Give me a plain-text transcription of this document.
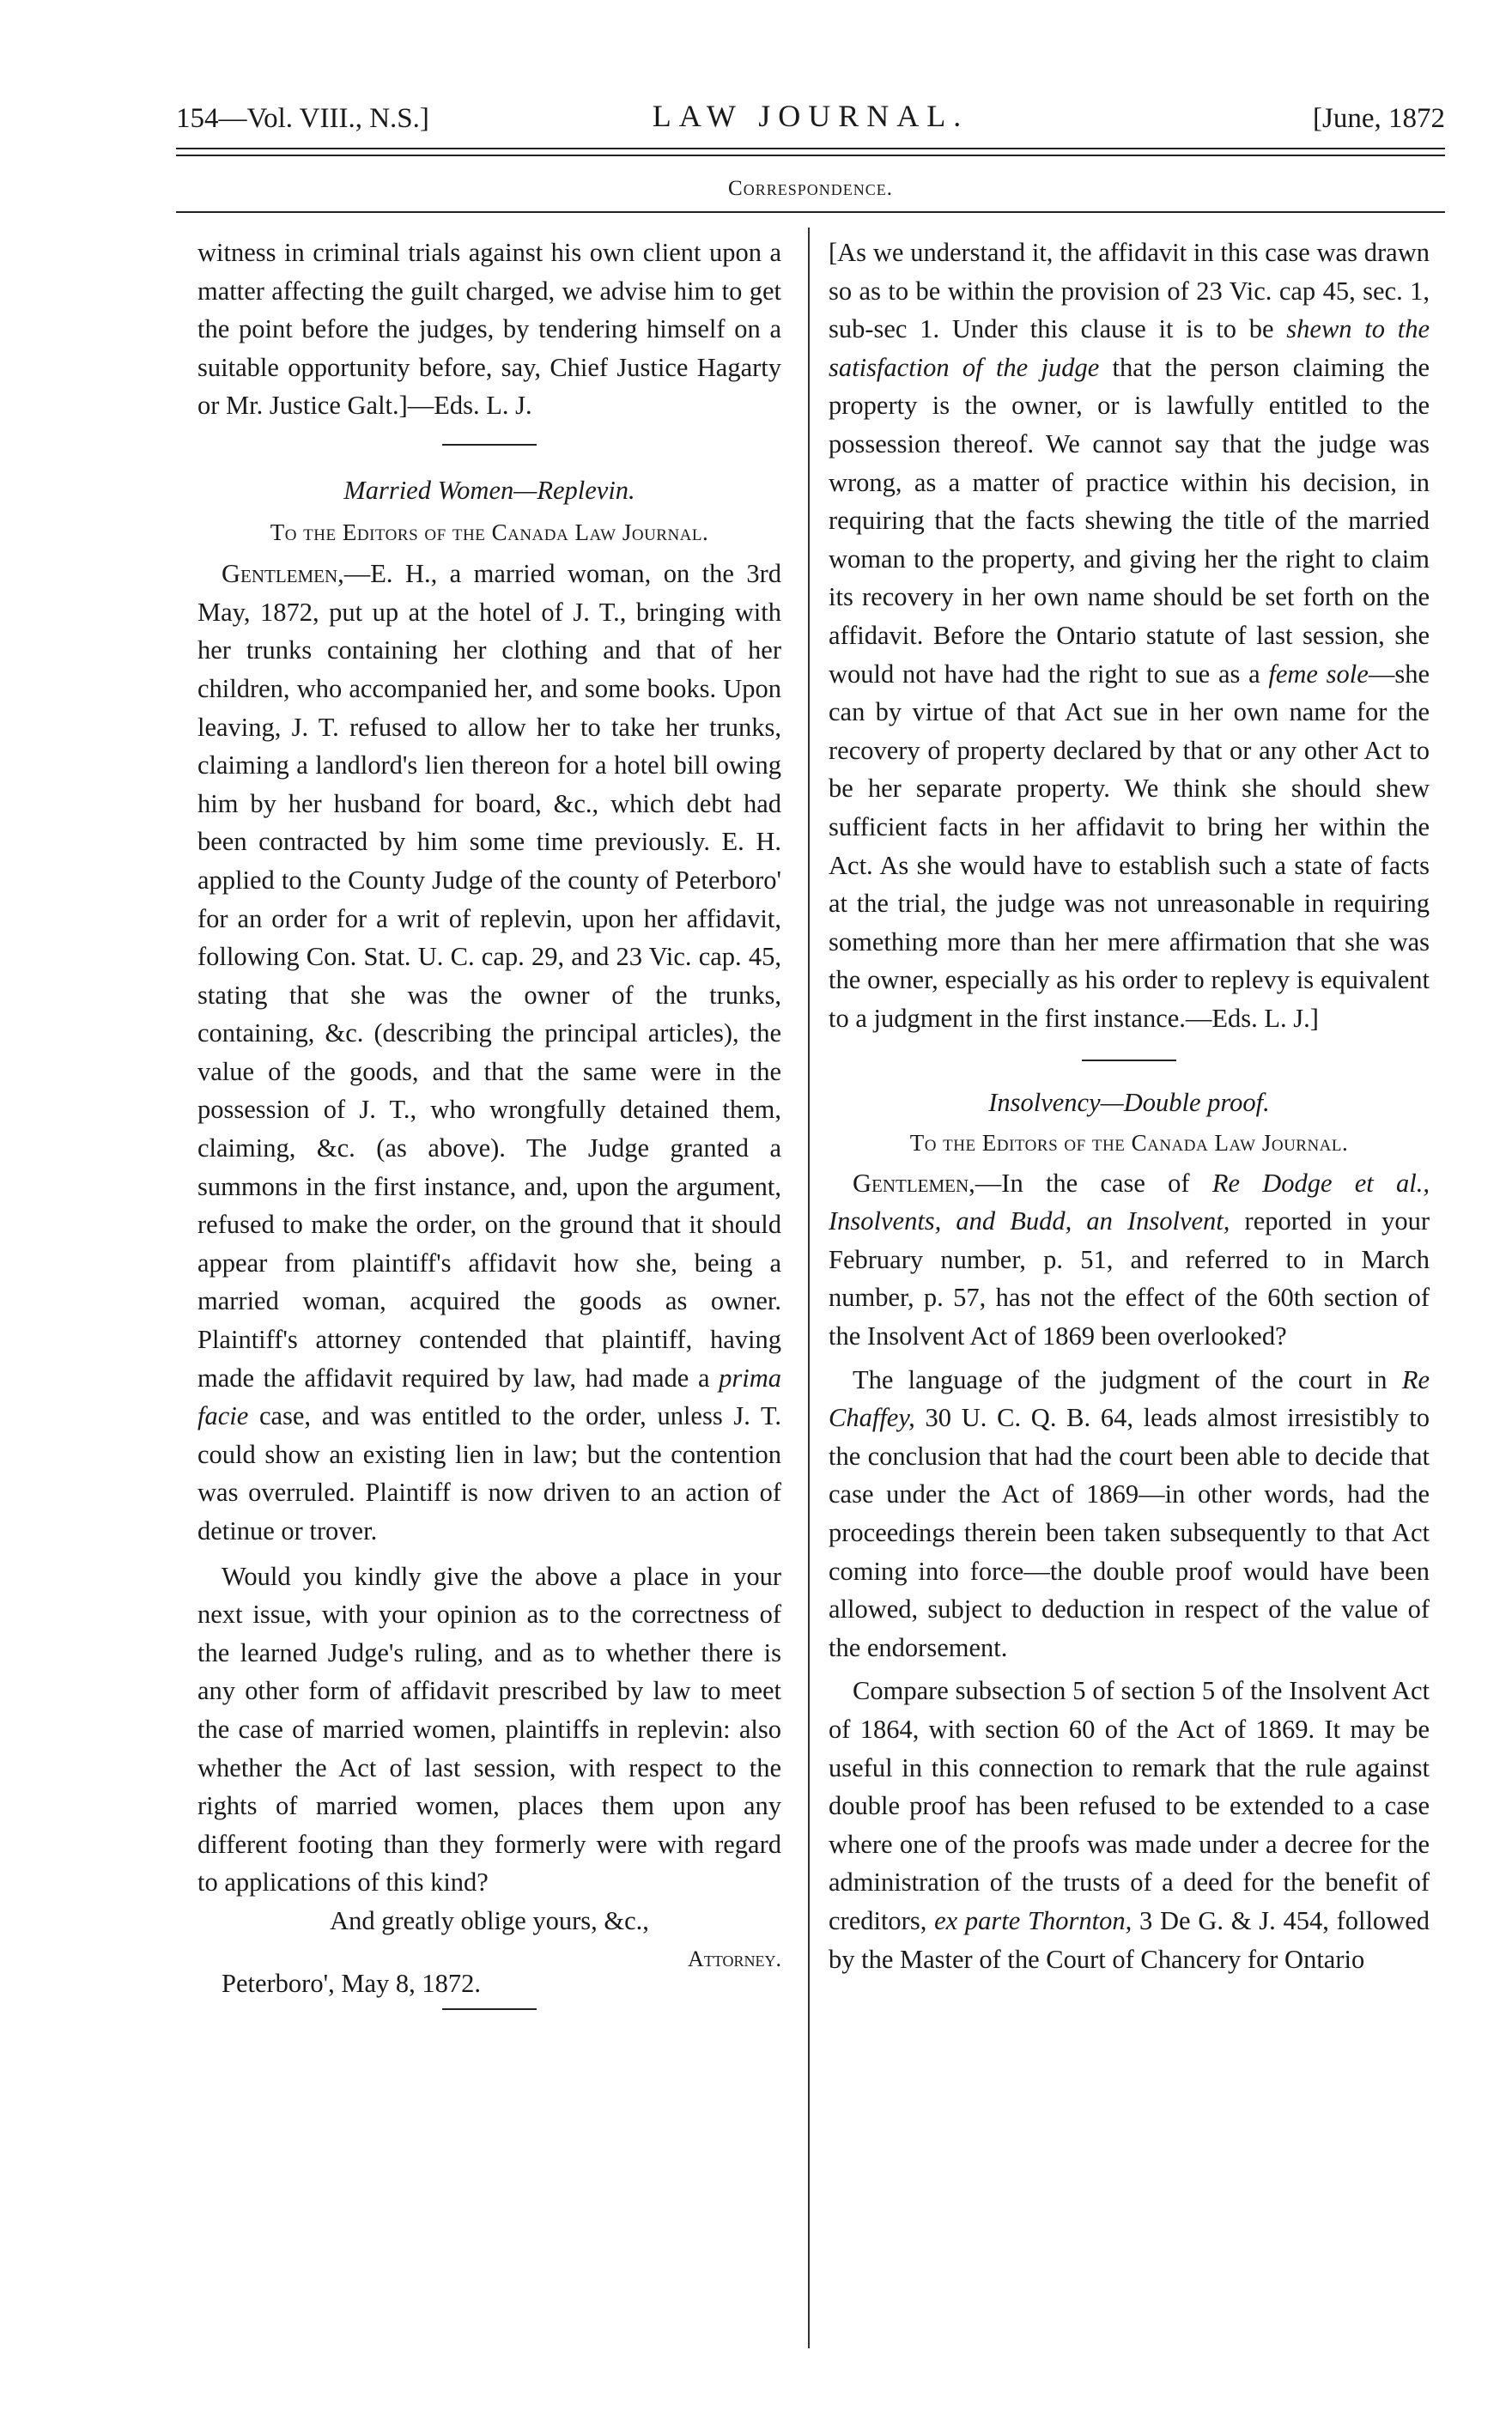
154—Vol. VIII., N.S.]	LAW JOURNAL.	[June, 1872
Correspondence.

witness in criminal trials against his own client upon a matter affecting the guilt charged, we advise him to get the point before the judges, by tendering himself on a suitable opportunity before, say, Chief Justice Hagarty or Mr. Justice Galt.]—Eds. L. J.

Married Women—Replevin.

To the Editors of the Canada Law Journal.

Gentlemen,—E. H., a married woman, on the 3rd May, 1872, put up at the hotel of J. T., bringing with her trunks containing her clothing and that of her children, who accompanied her, and some books. Upon leaving, J. T. refused to allow her to take her trunks, claiming a landlord's lien thereon for a hotel bill owing him by her husband for board, &c., which debt had been contracted by him some time previously. E. H. applied to the County Judge of the county of Peterboro' for an order for a writ of replevin, upon her affidavit, following Con. Stat. U. C. cap. 29, and 23 Vic. cap. 45, stating that she was the owner of the trunks, containing, &c. (describing the principal articles), the value of the goods, and that the same were in the possession of J. T., who wrongfully detained them, claiming, &c. (as above). The Judge granted a summons in the first instance, and, upon the argument, refused to make the order, on the ground that it should appear from plaintiff's affidavit how she, being a married woman, acquired the goods as owner. Plaintiff's attorney contended that plaintiff, having made the affidavit required by law, had made a prima facie case, and was entitled to the order, unless J. T. could show an existing lien in law; but the contention was overruled. Plaintiff is now driven to an action of detinue or trover.

Would you kindly give the above a place in your next issue, with your opinion as to the correctness of the learned Judge's ruling, and as to whether there is any other form of affidavit prescribed by law to meet the case of married women, plaintiffs in replevin: also whether the Act of last session, with respect to the rights of married women, places them upon any different footing than they formerly were with regard to applications of this kind?

And greatly oblige yours, &c.,

Attorney.

Peterboro', May 8, 1872.

[As we understand it, the affidavit in this case was drawn so as to be within the provision of 23 Vic. cap 45, sec. 1, sub-sec 1. Under this clause it is to be shewn to the satisfaction of the judge that the person claiming the property is the owner, or is lawfully entitled to the possession thereof. We cannot say that the judge was wrong, as a matter of practice within his decision, in requiring that the facts shewing the title of the married woman to the property, and giving her the right to claim its recovery in her own name should be set forth on the affidavit. Before the Ontario statute of last session, she would not have had the right to sue as a feme sole—she can by virtue of that Act sue in her own name for the recovery of property declared by that or any other Act to be her separate property. We think she should shew sufficient facts in her affidavit to bring her within the Act. As she would have to establish such a state of facts at the trial, the judge was not unreasonable in requiring something more than her mere affirmation that she was the owner, especially as his order to replevy is equivalent to a judgment in the first instance.—Eds. L. J.]

Insolvency—Double proof.

To the Editors of the Canada Law Journal.

Gentlemen,—In the case of Re Dodge et al., Insolvents, and Budd, an Insolvent, reported in your February number, p. 51, and referred to in March number, p. 57, has not the effect of the 60th section of the Insolvent Act of 1869 been overlooked?

The language of the judgment of the court in Re Chaffey, 30 U. C. Q. B. 64, leads almost irresistibly to the conclusion that had the court been able to decide that case under the Act of 1869—in other words, had the proceedings therein been taken subsequently to that Act coming into force—the double proof would have been allowed, subject to deduction in respect of the value of the endorsement.

Compare subsection 5 of section 5 of the Insolvent Act of 1864, with section 60 of the Act of 1869. It may be useful in this connection to remark that the rule against double proof has been refused to be extended to a case where one of the proofs was made under a decree for the administration of the trusts of a deed for the benefit of creditors, ex parte Thornton, 3 De G. & J. 454, followed by the Master of the Court of Chancery for Ontario
